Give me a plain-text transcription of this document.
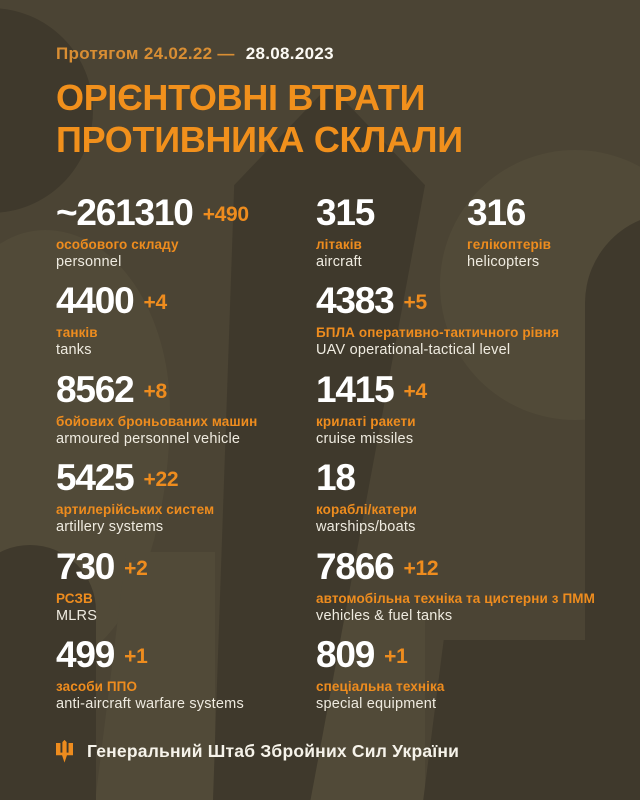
Протягом 24.02.22 — 28.08.2023
ОРІЄНТОВНІ ВТРАТИ
ПРОТИВНИКА СКЛАЛИ
~261310 +490
особового складу
personnel
315
літаків
aircraft
316
гелікоптерів
helicopters
4400 +4
танків
tanks
4383 +5
БПЛА оперативно-тактичного рівня
UAV operational-tactical level
8562 +8
бойових броньованих машин
armoured personnel vehicle
1415 +4
крилаті ракети
cruise missiles
5425 +22
артилерійських систем
artillery systems
18
кораблі/катери
warships/boats
730 +2
РСЗВ
MLRS
7866 +12
автомобільна техніка та цистерни з ПММ
vehicles & fuel tanks
499 +1
засоби ППО
anti-aircraft warfare systems
809 +1
спеціальна техніка
special equipment
Генеральний Штаб Збройних Сил України
